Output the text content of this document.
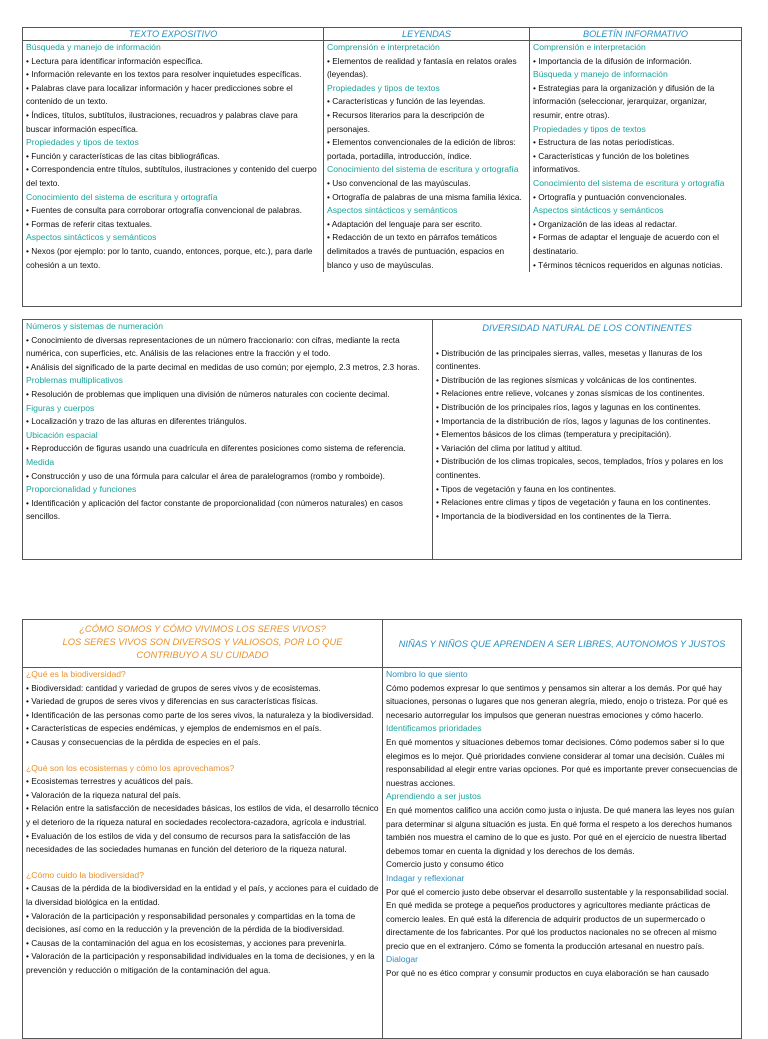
TEXTO EXPOSITIVO	LEYENDAS	BOLETÍN INFORMATIVO
Búsqueda y manejo de información
• Lectura para identificar información específica.
• Información relevante en los textos para resolver inquietudes específicas.
• Palabras clave para localizar información y hacer predicciones sobre el contenido de un texto.
• Índices, títulos, subtítulos, ilustraciones, recuadros y palabras clave para buscar información específica.
Propiedades y tipos de textos
• Función y características de las citas bibliográficas.
• Correspondencia entre títulos, subtítulos, ilustraciones y contenido del cuerpo del texto.
Conocimiento del sistema de escritura y ortografía
• Fuentes de consulta para corroborar ortografía convencional de palabras.
• Formas de referir citas textuales.
Aspectos sintácticos y semánticos
• Nexos (por ejemplo: por lo tanto, cuando, entonces, porque, etc.), para darle cohesión a un texto.
Comprensión e interpretación
• Elementos de realidad y fantasía en relatos orales (leyendas).
Propiedades y tipos de textos
• Características y función de las leyendas.
• Recursos literarios para la descripción de personajes.
• Elementos convencionales de la edición de libros: portada, portadilla, introducción, índice.
Conocimiento del sistema de escritura y ortografía
• Uso convencional de las mayúsculas.
• Ortografía de palabras de una misma familia léxica.
Aspectos sintácticos y semánticos
• Adaptación del lenguaje para ser escrito.
• Redacción de un texto en párrafos temáticos delimitados a través de puntuación, espacios en blanco y uso de mayúsculas.
Comprensión e interpretación
• Importancia de la difusión de información.
Búsqueda y manejo de información
• Estrategias para la organización y difusión de la información (seleccionar, jerarquizar, organizar, resumir, entre otras).
Propiedades y tipos de textos
• Estructura de las notas periodísticas.
• Características y función de los boletines informativos.
Conocimiento del sistema de escritura y ortografía
• Ortografía y puntuación convencionales.
Aspectos sintácticos y semánticos
• Organización de las ideas al redactar.
• Formas de adaptar el lenguaje de acuerdo con el destinatario.
• Términos técnicos requeridos en algunas noticias.
Números y sistemas de numeración
• Conocimiento de diversas representaciones de un número fraccionario: con cifras, mediante la recta numérica, con superficies, etc. Análisis de las relaciones entre la fracción y el todo.
• Análisis del significado de la parte decimal en medidas de uso común; por ejemplo, 2.3 metros, 2.3 horas.
Problemas multiplicativos
• Resolución de problemas que impliquen una división de números naturales con cociente decimal.
Figuras y cuerpos
• Localización y trazo de las alturas en diferentes triángulos.
Ubicación espacial
• Reproducción de figuras usando una cuadrícula en diferentes posiciones como sistema de referencia.
Medida
• Construcción y uso de una fórmula para calcular el área de paralelogramos (rombo y romboide).
Proporcionalidad y funciones
• Identificación y aplicación del factor constante de proporcionalidad (con números naturales) en casos sencillos.
DIVERSIDAD NATURAL DE LOS CONTINENTES
• Distribución de las principales sierras, valles, mesetas y llanuras de los continentes.
• Distribución de las regiones sísmicas y volcánicas de los continentes.
• Relaciones entre relieve, volcanes y zonas sísmicas de los continentes.
• Distribución de los principales ríos, lagos y lagunas en los continentes.
• Importancia de la distribución de ríos, lagos y lagunas de los continentes.
• Elementos básicos de los climas (temperatura y precipitación).
• Variación del clima por latitud y altitud.
• Distribución de los climas tropicales, secos, templados, fríos y polares en los continentes.
• Tipos de vegetación y fauna en los continentes.
• Relaciones entre climas y tipos de vegetación y fauna en los continentes.
• Importancia de la biodiversidad en los continentes de la Tierra.
¿CÓMO SOMOS Y CÓMO VIVIMOS LOS SERES VIVOS?
LOS SERES VIVOS SON DIVERSOS Y VALIOSOS, POR LO QUE
CONTRIBUYO A SU CUIDADO
NIÑAS Y NIÑOS QUE APRENDEN A SER LIBRES, AUTONOMOS Y JUSTOS
¿Qué es la biodiversidad?
• Biodiversidad: cantidad y variedad de grupos de seres vivos y de ecosistemas.
• Variedad de grupos de seres vivos y diferencias en sus características físicas.
• Identificación de las personas como parte de los seres vivos, la naturaleza y la biodiversidad.
• Características de especies endémicas, y ejemplos de endemismos en el país.
• Causas y consecuencias de la pérdida de especies en el país.
¿Qué son los ecosistemas y cómo los aprovechamos?
• Ecosistemas terrestres y acuáticos del país.
• Valoración de la riqueza natural del país.
• Relación entre la satisfacción de necesidades básicas, los estilos de vida, el desarrollo técnico y el deterioro de la riqueza natural en sociedades recolectora-cazadora, agrícola e industrial.
• Evaluación de los estilos de vida y del consumo de recursos para la satisfacción de las necesidades de las sociedades humanas en función del deterioro de la riqueza natural.
¿Cómo cuido la biodiversidad?
• Causas de la pérdida de la biodiversidad en la entidad y el país, y acciones para el cuidado de la diversidad biológica en la entidad.
• Valoración de la participación y responsabilidad personales y compartidas en la toma de decisiones, así como en la reducción y la prevención de la pérdida de la biodiversidad.
• Causas de la contaminación del agua en los ecosistemas, y acciones para prevenirla.
• Valoración de la participación y responsabilidad individuales en la toma de decisiones, y en la prevención y reducción o mitigación de la contaminación del agua.
Nombro lo que siento
Cómo podemos expresar lo que sentimos y pensamos sin alterar a los demás. Por qué hay situaciones, personas o lugares que nos generan alegría, miedo, enojo o tristeza. Por qué es necesario autorregular los impulsos que generan nuestras emociones y cómo hacerlo.
Identificamos prioridades
En qué momentos y situaciones debemos tomar decisiones. Cómo podemos saber si lo que elegimos es lo mejor. Qué prioridades conviene considerar al tomar una decisión. Cuáles mi responsabilidad al elegir entre varias opciones. Por qué es importante prever consecuencias de nuestras acciones.
Aprendiendo a ser justos
En qué momentos califico una acción como justa o injusta. De qué manera las leyes nos guían para determinar si alguna situación es justa. En qué forma el respeto a los derechos humanos también nos muestra el camino de lo que es justo. Por qué en el ejercicio de nuestra libertad debemos tomar en cuenta la dignidad y los derechos de los demás.
Comercio justo y consumo ético
Indagar y reflexionar
Por qué el comercio justo debe observar el desarrollo sustentable y la responsabilidad social. En qué medida se protege a pequeños productores y agricultores mediante prácticas de comercio leales. En qué está la diferencia de adquirir productos de un supermercado o directamente de los fabricantes. Por qué los productos nacionales no se ofrecen al mismo precio que en el extranjero. Cómo se fomenta la producción artesanal en nuestro país.
Dialogar
Por qué no es ético comprar y consumir productos en cuya elaboración se han causado
